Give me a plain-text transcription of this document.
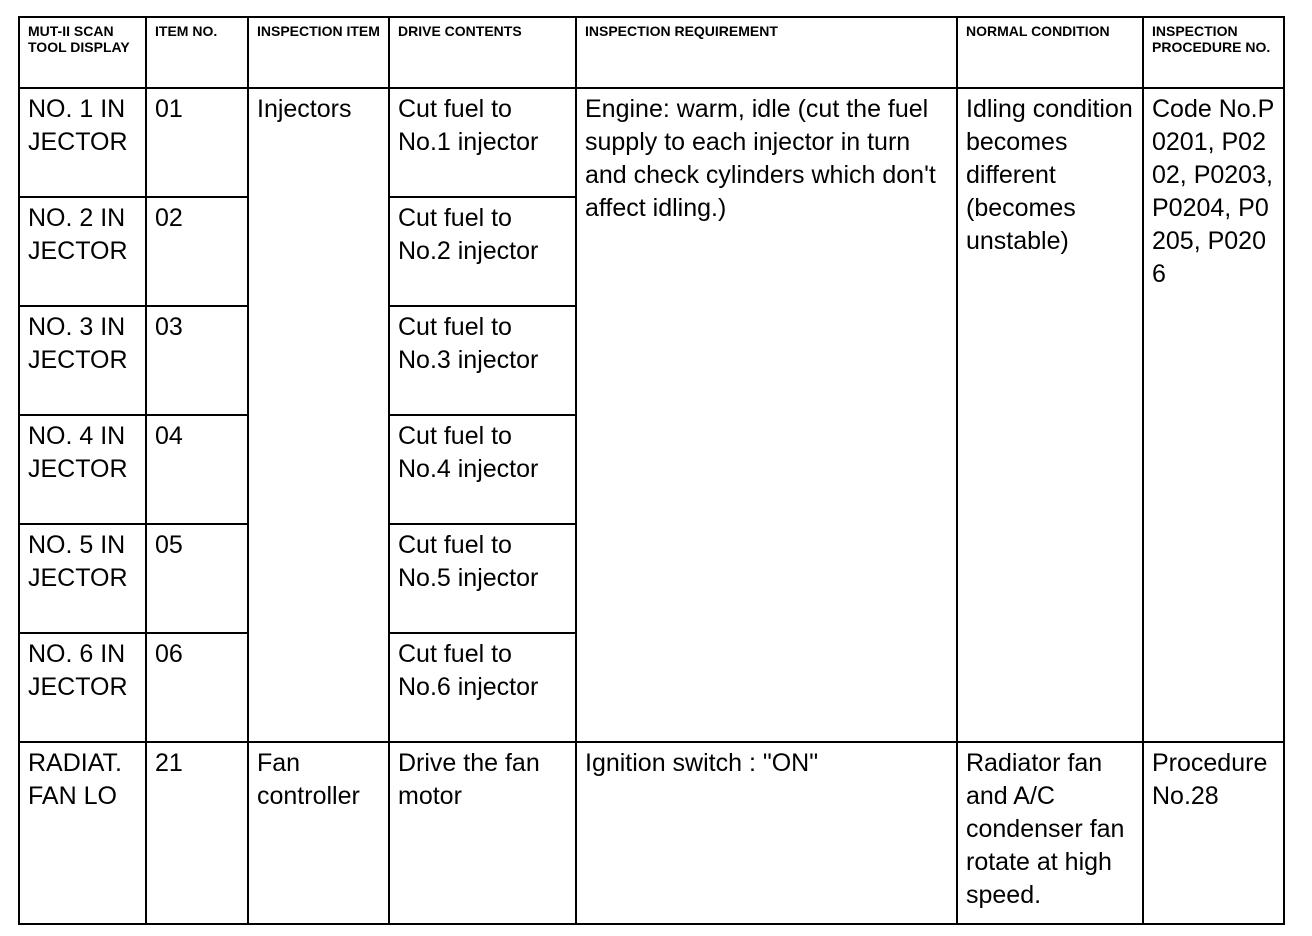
MUT-II SCAN TOOL DISPLAY	ITEM NO.	INSPECTION ITEM	DRIVE CONTENTS	INSPECTION REQUIREMENT	NORMAL CONDITION	INSPECTION PROCEDURE NO.
NO. 1 INJECTOR	01	Injectors	Cut fuel to No.1 injector	Engine: warm, idle (cut the fuel supply to each injector in turn and check cylinders which don't affect idling.)	Idling condition becomes different (becomes unstable)	Code No.P0201, P0202, P0203, P0204, P0205, P0206
NO. 2 INJECTOR	02		Cut fuel to No.2 injector			
NO. 3 INJECTOR	03		Cut fuel to No.3 injector			
NO. 4 INJECTOR	04		Cut fuel to No.4 injector			
NO. 5 INJECTOR	05		Cut fuel to No.5 injector			
NO. 6 INJECTOR	06		Cut fuel to No.6 injector			
RADIAT. FAN LO	21	Fan controller	Drive the fan motor	Ignition switch : "ON"	Radiator fan and A/C condenser fan rotate at high speed.	Procedure No.28
